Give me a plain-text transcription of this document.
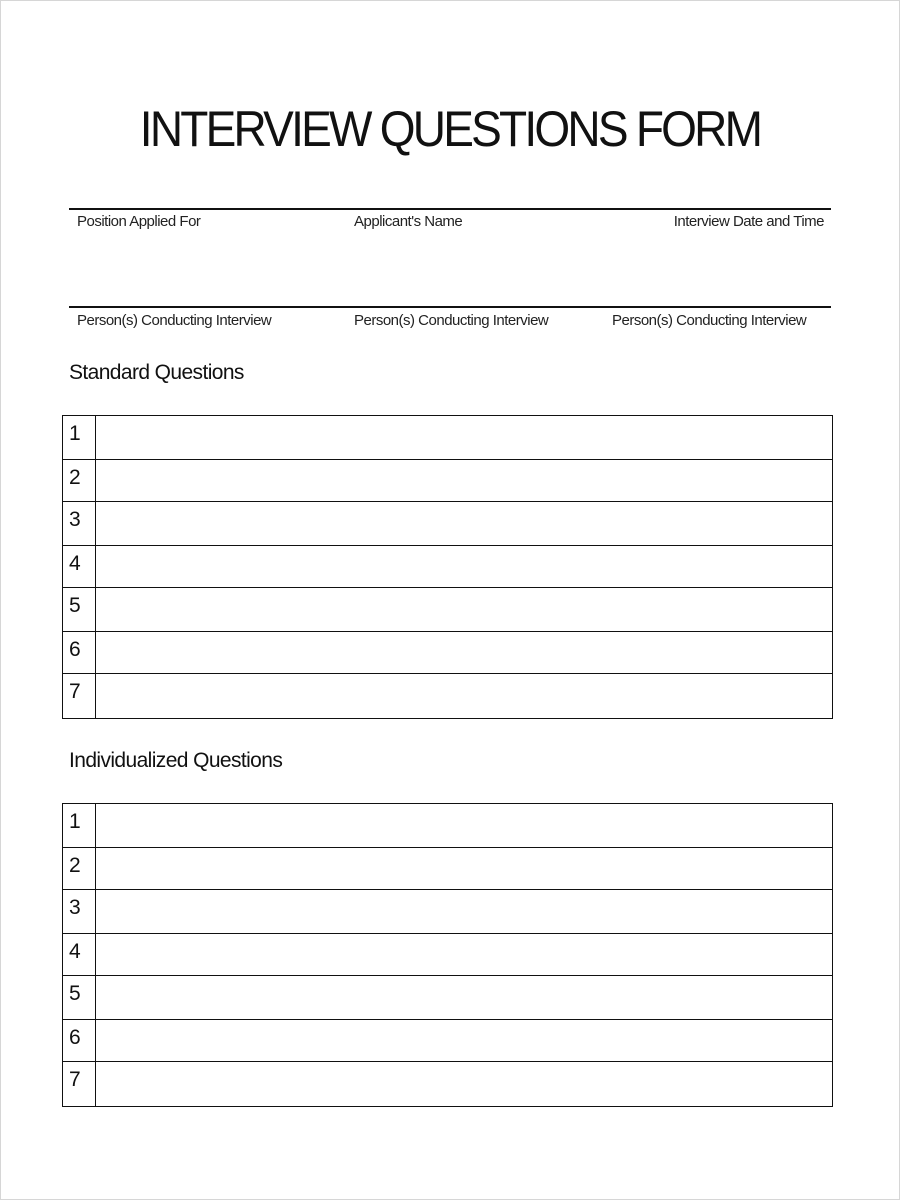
INTERVIEW QUESTIONS FORM
Position Applied For	Applicant's Name	Interview Date and Time
Person(s) Conducting Interview	Person(s) Conducting Interview	Person(s) Conducting Interview
Standard Questions
1	
2	
3	
4	
5	
6	
7	
Individualized Questions
1	
2	
3	
4	
5	
6	
7	
